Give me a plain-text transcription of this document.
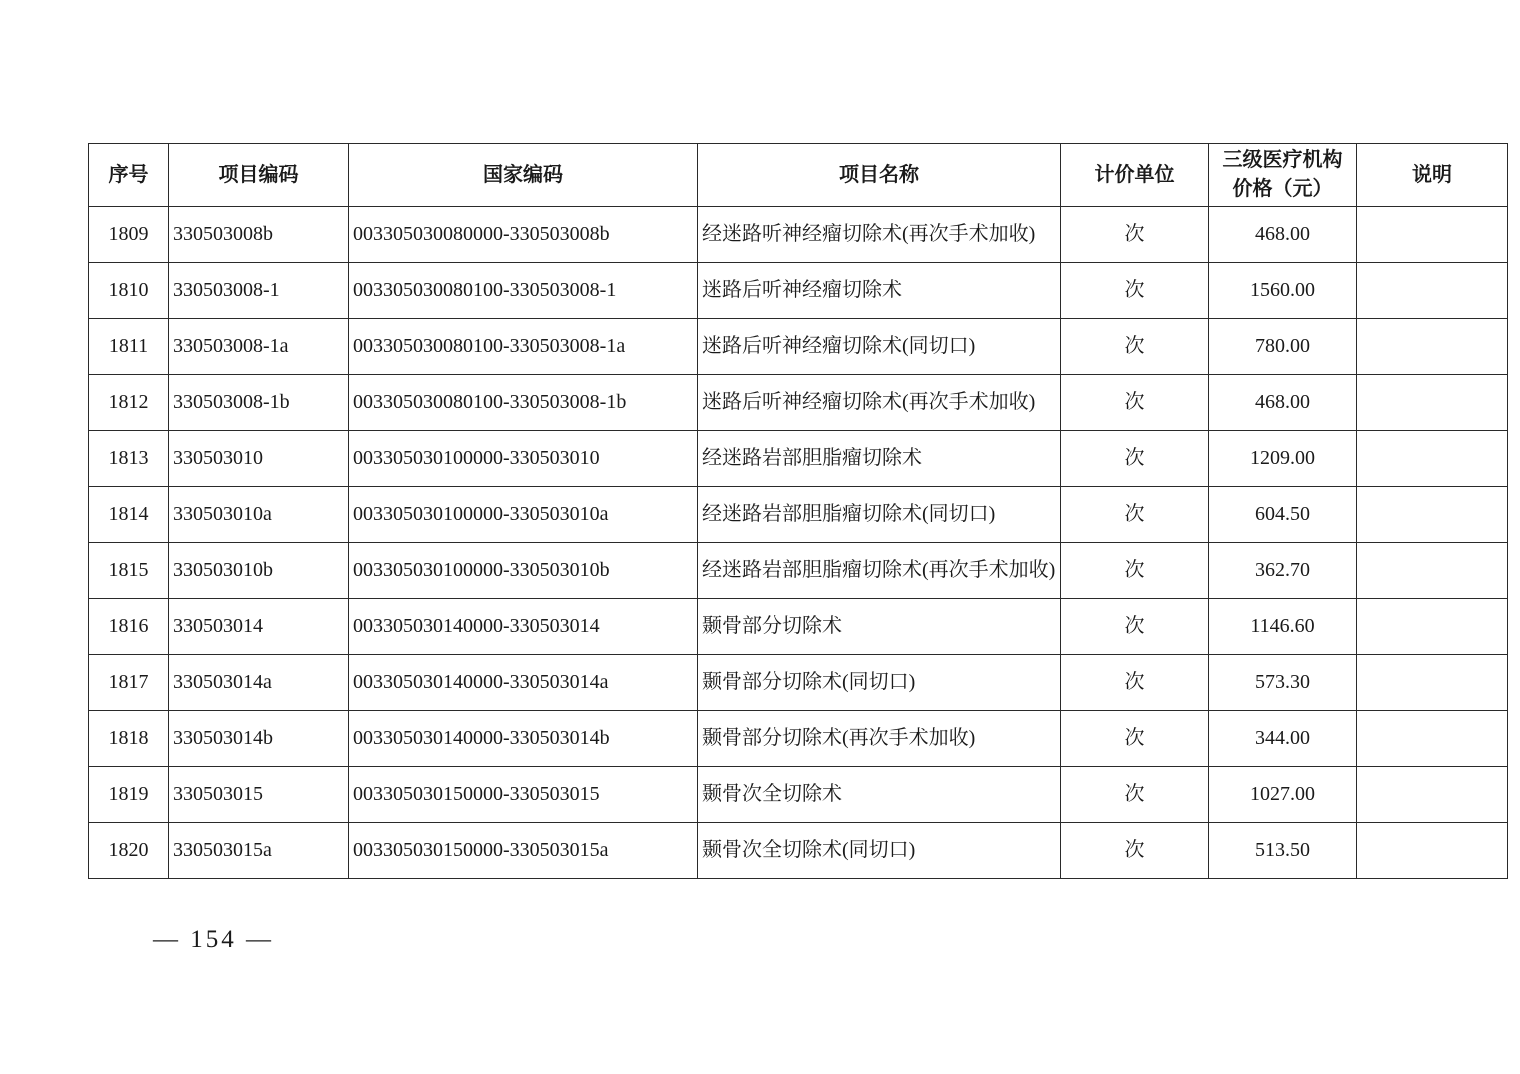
序号	项目编码	国家编码	项目名称	计价单位	三级医疗机构价格（元）	说明
1809	330503008b	003305030080000-330503008b	经迷路听神经瘤切除术(再次手术加收)	次	468.00	
1810	330503008-1	003305030080100-330503008-1	迷路后听神经瘤切除术	次	1560.00	
1811	330503008-1a	003305030080100-330503008-1a	迷路后听神经瘤切除术(同切口)	次	780.00	
1812	330503008-1b	003305030080100-330503008-1b	迷路后听神经瘤切除术(再次手术加收)	次	468.00	
1813	330503010	003305030100000-330503010	经迷路岩部胆脂瘤切除术	次	1209.00	
1814	330503010a	003305030100000-330503010a	经迷路岩部胆脂瘤切除术(同切口)	次	604.50	
1815	330503010b	003305030100000-330503010b	经迷路岩部胆脂瘤切除术(再次手术加收)	次	362.70	
1816	330503014	003305030140000-330503014	颞骨部分切除术	次	1146.60	
1817	330503014a	003305030140000-330503014a	颞骨部分切除术(同切口)	次	573.30	
1818	330503014b	003305030140000-330503014b	颞骨部分切除术(再次手术加收)	次	344.00	
1819	330503015	003305030150000-330503015	颞骨次全切除术	次	1027.00	
1820	330503015a	003305030150000-330503015a	颞骨次全切除术(同切口)	次	513.50	
— 154 —
